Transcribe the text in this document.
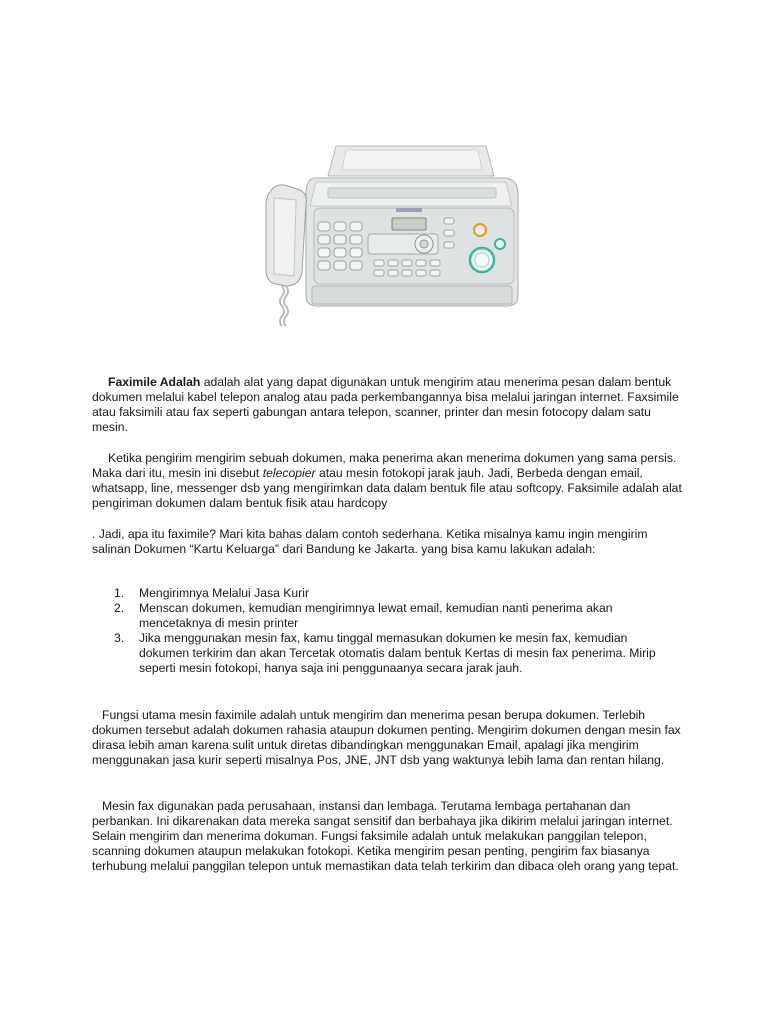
Faximile Adalah adalah alat yang dapat digunakan untuk mengirim atau menerima pesan dalam bentuk dokumen melalui kabel telepon analog atau pada perkembangannya bisa melalui jaringan internet. Faxsimile atau faksimili atau fax seperti gabungan antara telepon, scanner, printer dan mesin fotocopy dalam satu mesin.

Ketika pengirim mengirim sebuah dokumen, maka penerima akan menerima dokumen yang sama persis. Maka dari itu, mesin ini disebut telecopier atau mesin fotokopi jarak jauh. Jadi, Berbeda dengan email, whatsapp, line, messenger dsb yang mengirimkan data dalam bentuk file atau softcopy. Faksimile adalah alat pengiriman dokumen dalam bentuk fisik atau hardcopy

. Jadi, apa itu faximile? Mari kita bahas dalam contoh sederhana. Ketika misalnya kamu ingin mengirim salinan Dokumen “Kartu Keluarga” dari Bandung ke Jakarta. yang bisa kamu lakukan adalah:

1.	Mengirimnya Melalui Jasa Kurir
2.	Menscan dokumen, kemudian mengirimnya lewat email, kemudian nanti penerima akan mencetaknya di mesin printer
3.	Jika menggunakan mesin fax, kamu tinggal memasukan dokumen ke mesin fax, kemudian dokumen terkirim dan akan Tercetak otomatis dalam bentuk Kertas di mesin fax penerima. Mirip seperti mesin fotokopi, hanya saja ini penggunaanya secara jarak jauh.

Fungsi utama mesin faximile adalah untuk mengirim dan menerima pesan berupa dokumen. Terlebih dokumen tersebut adalah dokumen rahasia ataupun dokumen penting. Mengirim dokumen dengan mesin fax dirasa lebih aman karena sulit untuk diretas dibandingkan menggunakan Email, apalagi jika mengirim menggunakan jasa kurir seperti misalnya Pos, JNE, JNT dsb yang waktunya lebih lama dan rentan hilang.

Mesin fax digunakan pada perusahaan, instansi dan lembaga. Terutama lembaga pertahanan dan perbankan. Ini dikarenakan data mereka sangat sensitif dan berbahaya jika dikirim melalui jaringan internet. Selain mengirim dan menerima dokuman. Fungsi faksimile adalah untuk melakukan panggilan telepon, scanning dokumen ataupun melakukan fotokopi. Ketika mengirim pesan penting, pengirim fax biasanya terhubung melalui panggilan telepon untuk memastikan data telah terkirim dan dibaca oleh orang yang tepat.
